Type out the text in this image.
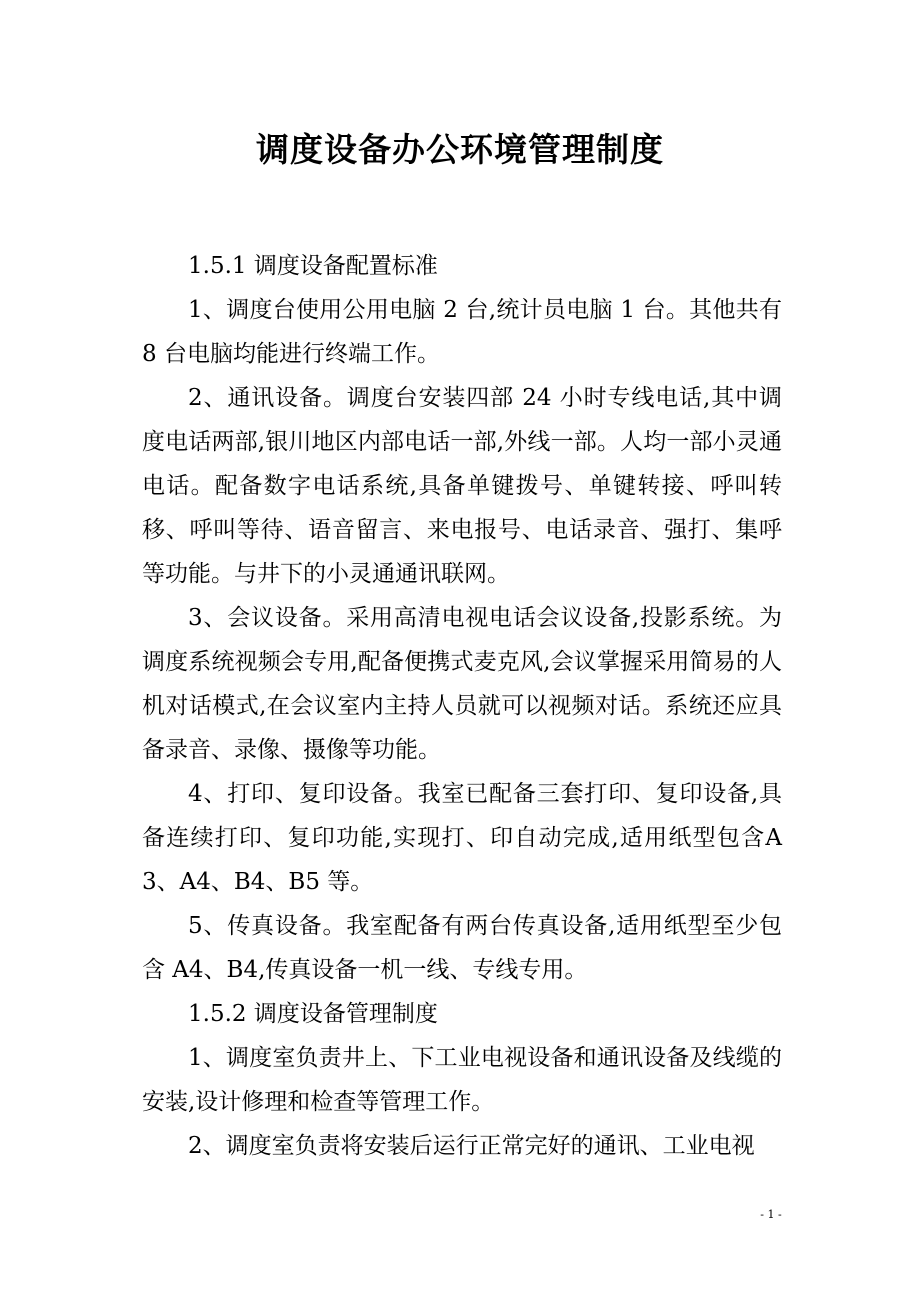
调度设备办公环境管理制度

1.5.1 调度设备配置标准

1、调度台使用公用电脑 2 台,统计员电脑 1 台。其他共有 8 台电脑均能进行终端工作。

2、通讯设备。调度台安装四部 24 小时专线电话,其中调度电话两部,银川地区内部电话一部,外线一部。人均一部小灵通电话。配备数字电话系统,具备单键拨号、单键转接、呼叫转移、呼叫等待、语音留言、来电报号、电话录音、强打、集呼等功能。与井下的小灵通通讯联网。

3、会议设备。采用高清电视电话会议设备,投影系统。为调度系统视频会专用,配备便携式麦克风,会议掌握采用简易的人机对话模式,在会议室内主持人员就可以视频对话。系统还应具备录音、录像、摄像等功能。

4、打印、复印设备。我室已配备三套打印、复印设备,具备连续打印、复印功能,实现打、印自动完成,适用纸型包含A3、A4、B4、B5 等。

5、传真设备。我室配备有两台传真设备,适用纸型至少包含 A4、B4,传真设备一机一线、专线专用。

1.5.2 调度设备管理制度

1、调度室负责井上、下工业电视设备和通讯设备及线缆的安装,设计修理和检查等管理工作。

2、调度室负责将安装后运行正常完好的通讯、工业电视

- 1 -
